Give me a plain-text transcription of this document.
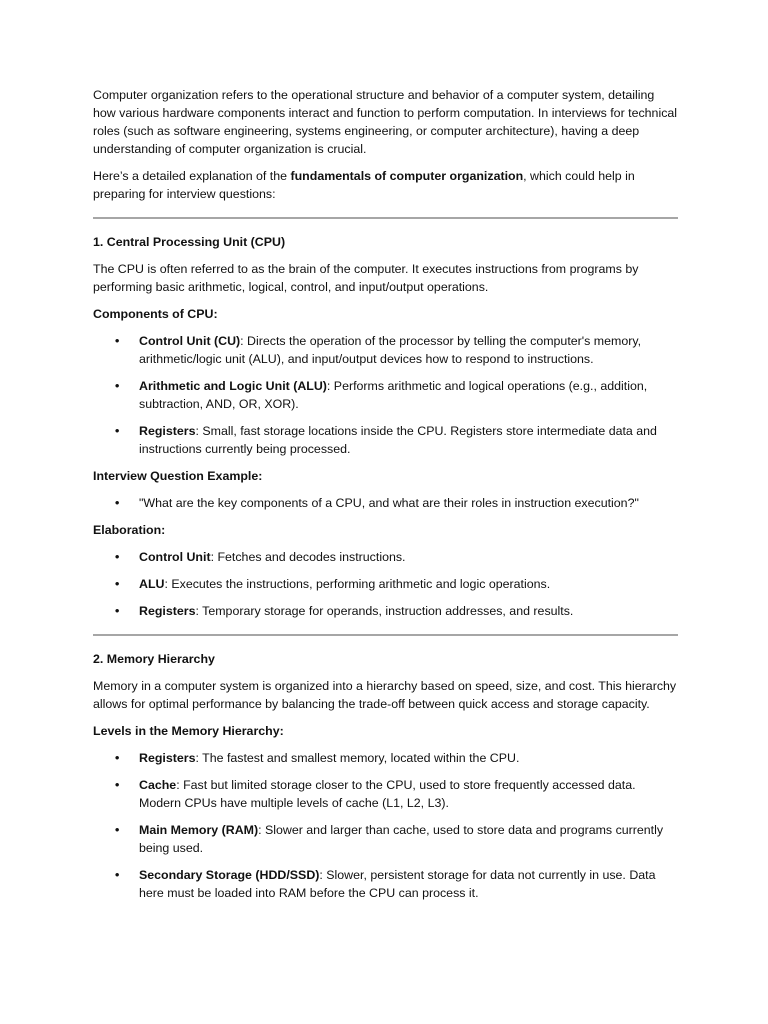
Computer organization refers to the operational structure and behavior of a computer system, detailing how various hardware components interact and function to perform computation. In interviews for technical roles (such as software engineering, systems engineering, or computer architecture), having a deep understanding of computer organization is crucial.

Here’s a detailed explanation of the fundamentals of computer organization, which could help in preparing for interview questions:

1. Central Processing Unit (CPU)

The CPU is often referred to as the brain of the computer. It executes instructions from programs by performing basic arithmetic, logical, control, and input/output operations.

Components of CPU:
• Control Unit (CU): Directs the operation of the processor by telling the computer's memory, arithmetic/logic unit (ALU), and input/output devices how to respond to instructions.
• Arithmetic and Logic Unit (ALU): Performs arithmetic and logical operations (e.g., addition, subtraction, AND, OR, XOR).
• Registers: Small, fast storage locations inside the CPU. Registers store intermediate data and instructions currently being processed.
Interview Question Example:
• "What are the key components of a CPU, and what are their roles in instruction execution?"
Elaboration:
• Control Unit: Fetches and decodes instructions.
• ALU: Executes the instructions, performing arithmetic and logic operations.
• Registers: Temporary storage for operands, instruction addresses, and results.
2. Memory Hierarchy

Memory in a computer system is organized into a hierarchy based on speed, size, and cost. This hierarchy allows for optimal performance by balancing the trade-off between quick access and storage capacity.

Levels in the Memory Hierarchy:
• Registers: The fastest and smallest memory, located within the CPU.
• Cache: Fast but limited storage closer to the CPU, used to store frequently accessed data. Modern CPUs have multiple levels of cache (L1, L2, L3).
• Main Memory (RAM): Slower and larger than cache, used to store data and programs currently being used.
• Secondary Storage (HDD/SSD): Slower, persistent storage for data not currently in use. Data here must be loaded into RAM before the CPU can process it.
